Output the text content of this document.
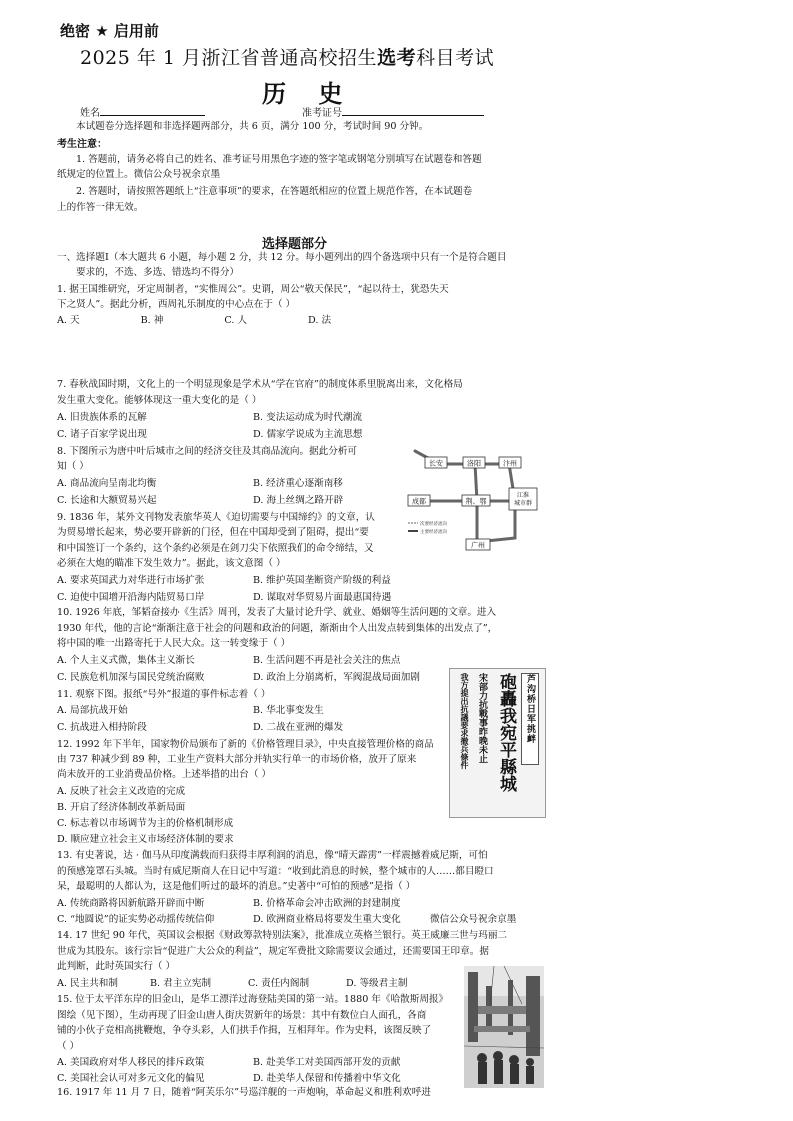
绝密 ★ 启用前
2025 年 1 月浙江省普通高校招生选考科目考试
历 史
姓名	准考证号
本试题卷分选择题和非选择题两部分，共 6 页，满分 100 分，考试时间 90 分钟。
考生注意：
1. 答题前，请务必将自己的姓名、准考证号用黑色字迹的签字笔或钢笔分别填写在试题卷和答题
纸规定的位置上。微信公众号祝余京墨
2. 答题时，请按照答题纸上“注意事项”的要求，在答题纸相应的位置上规范作答，在本试题卷
上的作答一律无效。
选择题部分
一、选择题Ⅰ（本大题共 6 小题，每小题 2 分，共 12 分。每小题列出的四个备选项中只有一个是符合题目
要求的，不选、多选、错选均不得分）
1. 据王国维研究，牙定周制者，“实惟周公”。史谓，周公“敬天保民”，“起以待士，犹恐失天
下之贤人”。据此分析，西周礼乐制度的中心点在于（ ）
A. 天                    B. 神                    C. 人                    D. 法
7. 春秋战国时期，文化上的一个明显现象是学术从“学在官府”的制度体系里脱离出来，文化格局
发生重大变化。能够体现这一重大变化的是（ ）
A. 旧贵族体系的瓦解	B. 变法运动成为时代潮流
C. 诸子百家学说出现	D. 儒家学说成为主流思想
8. 下图所示为唐中叶后城市之间的经济交往及其商品流向。据此分析可
知（ ）
A. 商品流向呈南北均衡	B. 经济重心逐渐南移
C. 长途和大额贸易兴起	D. 海上丝绸之路开辟
长安	洛阳	汴州
成都	荆、鄂
江淮城市群
广州
次要经济流向
主要经济流向
9. 1836 年，某外文刊物发表旅华英人《迫切需要与中国缔约》的文章，认
为贸易增长起来，势必要开辟新的门径，但在中国却受到了阻碍，提出“要
和中国签订一个条约，这个条约必须是在剑刀尖下依照我们的命令缔结，又
必须在大炮的瞄准下发生效力”。据此，该文意图（ ）
A. 要求英国武力对华进行市场扩张	B. 维护英国垄断资产阶级的利益
C. 迫使中国增开沿海内陆贸易口岸	D. 谋取对华贸易片面最惠国待遇
10. 1926 年底，邹韬奋接办《生活》周刊，发表了大量讨论升学、就业、婚姻等生活问题的文章。进入
1930 年代，他的言论“渐渐注意于社会的问题和政治的问题，渐渐由个人出发点转到集体的出发点了”，
将中国的唯一出路寄托于人民大众。这一转变缘于（ ）
A. 个人主义式微，集体主义渐长	B. 生活问题不再是社会关注的焦点
C. 民族危机加深与国民党统治腐败	D. 政治上分崩离析，军阀混战局面加剧	芦沟桥日军挑衅
砲轟我宛平縣城
宋部力抗戰事昨晚未止
我方提出抗議要求撤兵條件
11. 观察下图。报纸“号外”报道的事件标志着（ ）
A. 局部抗战开始	B. 华北事变发生
C. 抗战进入相持阶段	D. 二战在亚洲的爆发
12. 1992 年下半年，国家物价局颁布了新的《价格管理目录》，中央直接管理价格的商品
由 737 种减少到 89 种，工业生产资料大部分并轨实行单一的市场价格，放开了原来
尚未放开的工业消费品价格。上述举措的出台（ ）
A. 反映了社会主义改造的完成
B. 开启了经济体制改革新局面
C. 标志着以市场调节为主的价格机制形成
D. 顺应建立社会主义市场经济体制的要求
13. 有史著说，达 · 伽马从印度满载而归获得丰厚利润的消息，像“晴天霹雳”一样震撼着威尼斯，可怕
的预感笼罩石头城。当时有威尼斯商人在日记中写道：“收到此消息的时候，整个城市的人……都目瞪口
呆，最聪明的人都认为，这是他们听过的最坏的消息。”史著中“可怕的预感”是指（ ）
A. 传统商路将因新航路开辟而中断	B. 价格革命会冲击欧洲的封建制度
C. “地圆说”的证实势必动摇传统信仰	D. 欧洲商业格局将要发生重大变化	微信公众号祝余京墨
14. 17 世纪 90 年代，英国议会根据《财政筹款特别法案》，批准成立英格兰银行。英王威廉三世与玛丽二
世成为其股东。该行宗旨“促进广大公众的利益”，规定军费批文除需要议会通过，还需要国王印章。据
此判断，此时英国实行（ ）
A. 民主共和制	B. 君主立宪制	C. 责任内阁制	D. 等级君主制
15. 位于太平洋东岸的旧金山，是华工漂洋过海登陆美国的第一站。1880 年《哈散斯周报》
图绘（见下图），生动再现了旧金山唐人街庆贺新年的场景：其中有数位白人面孔，各商
铺的小伙子竞相高挑鞭炮，争夺头彩，人们拱手作揖，互相拜年。作为史料，该图反映了
（ ）
A. 美国政府对华人移民的排斥政策	B. 赴美华工对美国西部开发的贡献
C. 美国社会认可对多元文化的偏见	D. 赴美华人保留和传播着中华文化
16. 1917 年 11 月 7 日，随着“阿芙乐尔”号巡洋舰的一声炮响，革命起义和胜利欢呼进
